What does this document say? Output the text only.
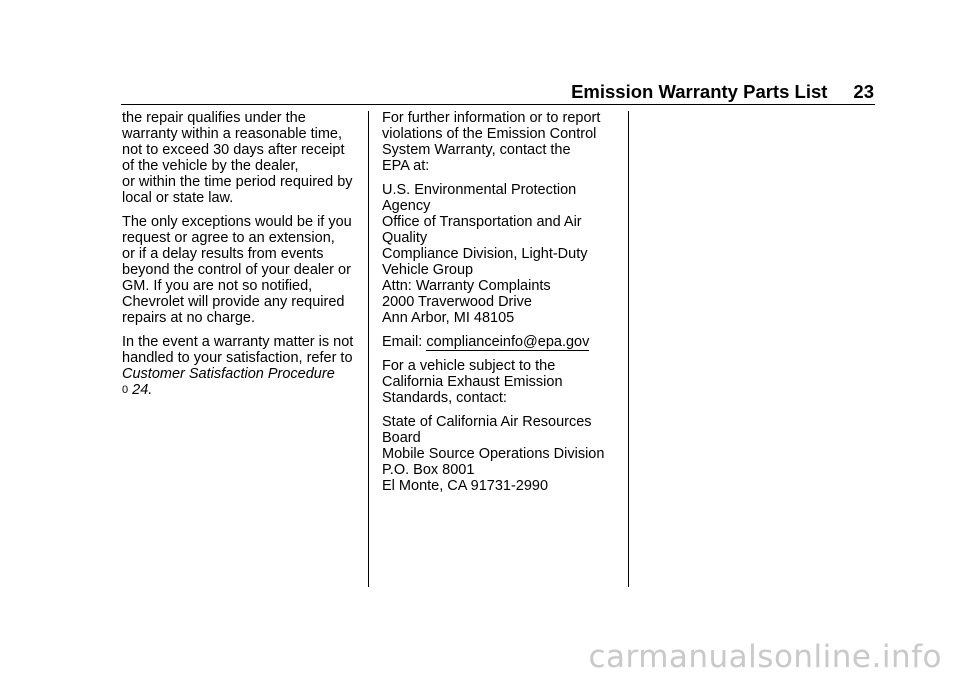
Emission Warranty Parts List 23

the repair qualifies under the
warranty within a reasonable time,
not to exceed 30 days after receipt
of the vehicle by the dealer,
or within the time period required by
local or state law.

The only exceptions would be if you
request or agree to an extension,
or if a delay results from events
beyond the control of your dealer or
GM. If you are not so notified,
Chevrolet will provide any required
repairs at no charge.

In the event a warranty matter is not
handled to your satisfaction, refer to
Customer Satisfaction Procedure
0 24.

For further information or to report
violations of the Emission Control
System Warranty, contact the
EPA at:

U.S. Environmental Protection
Agency
Office of Transportation and Air
Quality
Compliance Division, Light-Duty
Vehicle Group
Attn: Warranty Complaints
2000 Traverwood Drive
Ann Arbor, MI 48105

Email: complianceinfo@epa.gov

For a vehicle subject to the
California Exhaust Emission
Standards, contact:

State of California Air Resources
Board
Mobile Source Operations Division
P.O. Box 8001
El Monte, CA 91731-2990

carmanualsonline.info
